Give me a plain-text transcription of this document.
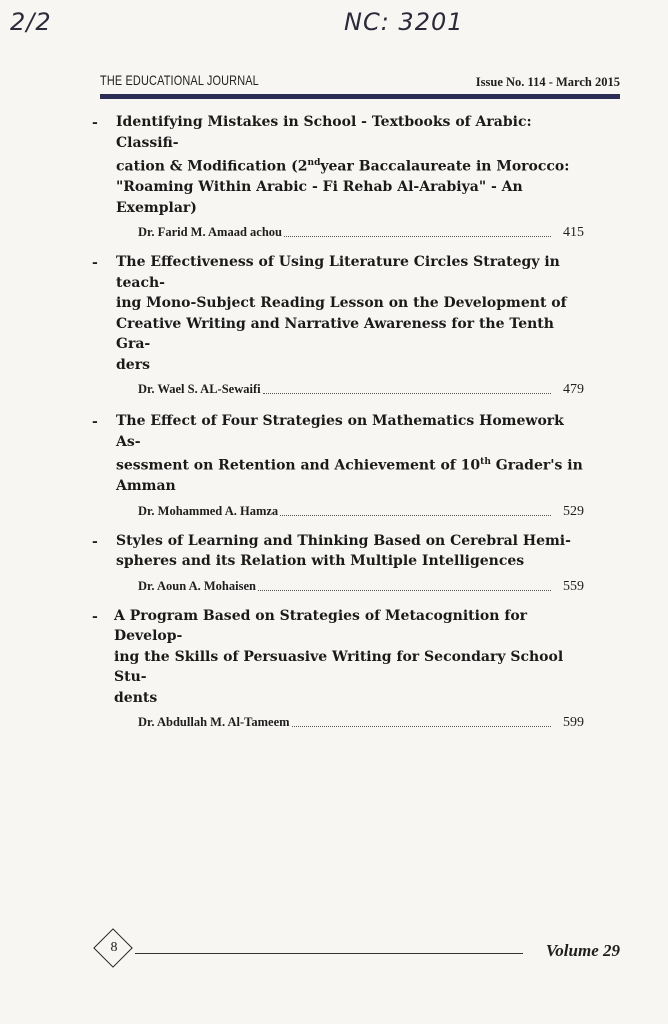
2/2	NC: 3201
THE EDUCATIONAL JOURNAL	Issue No. 114 - March 2015
- Identifying Mistakes in School - Textbooks of Arabic: Classifi-
cation & Modification (2ndyear Baccalaureate in Morocco:
"Roaming Within Arabic - Fi Rehab Al-Arabiya" - An Exemplar)
Dr. Farid M. Amaad achou	415
- The Effectiveness of Using Literature Circles Strategy in teach-
ing Mono-Subject Reading Lesson on the Development of
Creative Writing and Narrative Awareness for the Tenth Gra-
ders
Dr. Wael S. AL-Sewaifi	479
- The Effect of Four Strategies on Mathematics Homework As-
sessment on Retention and Achievement of 10th Grader's in
Amman
Dr. Mohammed A. Hamza	529
- Styles of Learning and Thinking Based on Cerebral Hemi-
spheres and its Relation with Multiple Intelligences
Dr. Aoun A. Mohaisen	559
- A Program Based on Strategies of Metacognition for Develop-
ing the Skills of Persuasive Writing for Secondary School Stu-
dents
Dr. Abdullah M. Al-Tameem	599
8	Volume 29
